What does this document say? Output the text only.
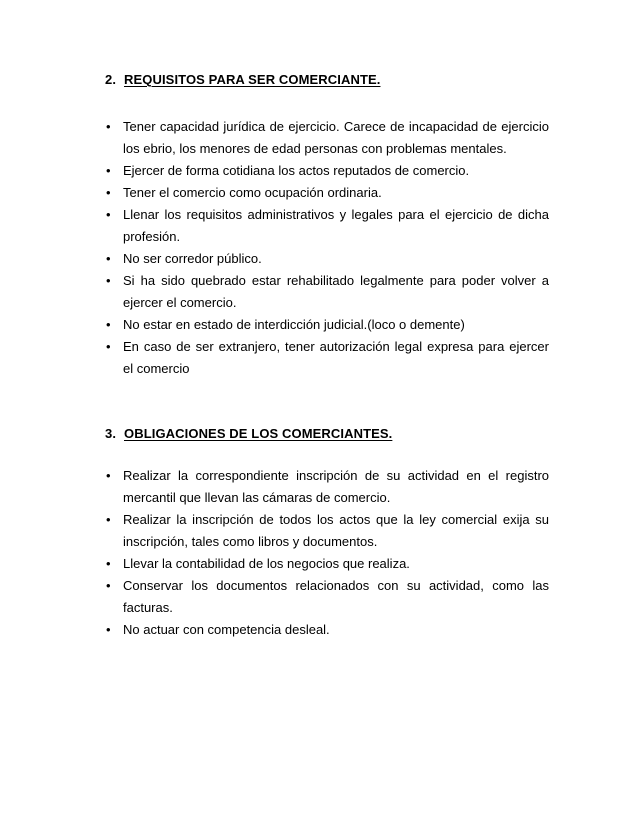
2. REQUISITOS PARA SER COMERCIANTE.
• Tener capacidad jurídica de ejercicio. Carece de incapacidad de ejercicio los ebrio, los menores de edad personas con problemas mentales.
• Ejercer de forma cotidiana los actos reputados de comercio.
• Tener el comercio como ocupación ordinaria.
• Llenar los requisitos administrativos y legales para el ejercicio de dicha profesión.
• No ser corredor público.
• Si ha sido quebrado estar rehabilitado legalmente para poder volver a ejercer el comercio.
• No estar en estado de interdicción judicial.(loco o demente)
• En caso de ser extranjero, tener autorización legal expresa para ejercer el comercio
3. OBLIGACIONES DE LOS COMERCIANTES.
• Realizar la correspondiente inscripción de su actividad en el registro mercantil que llevan las cámaras de comercio.
• Realizar la inscripción de todos los actos que la ley comercial exija su inscripción, tales como libros y documentos.
• Llevar la contabilidad de los negocios que realiza.
• Conservar los documentos relacionados con su actividad, como las facturas.
• No actuar con competencia desleal.
